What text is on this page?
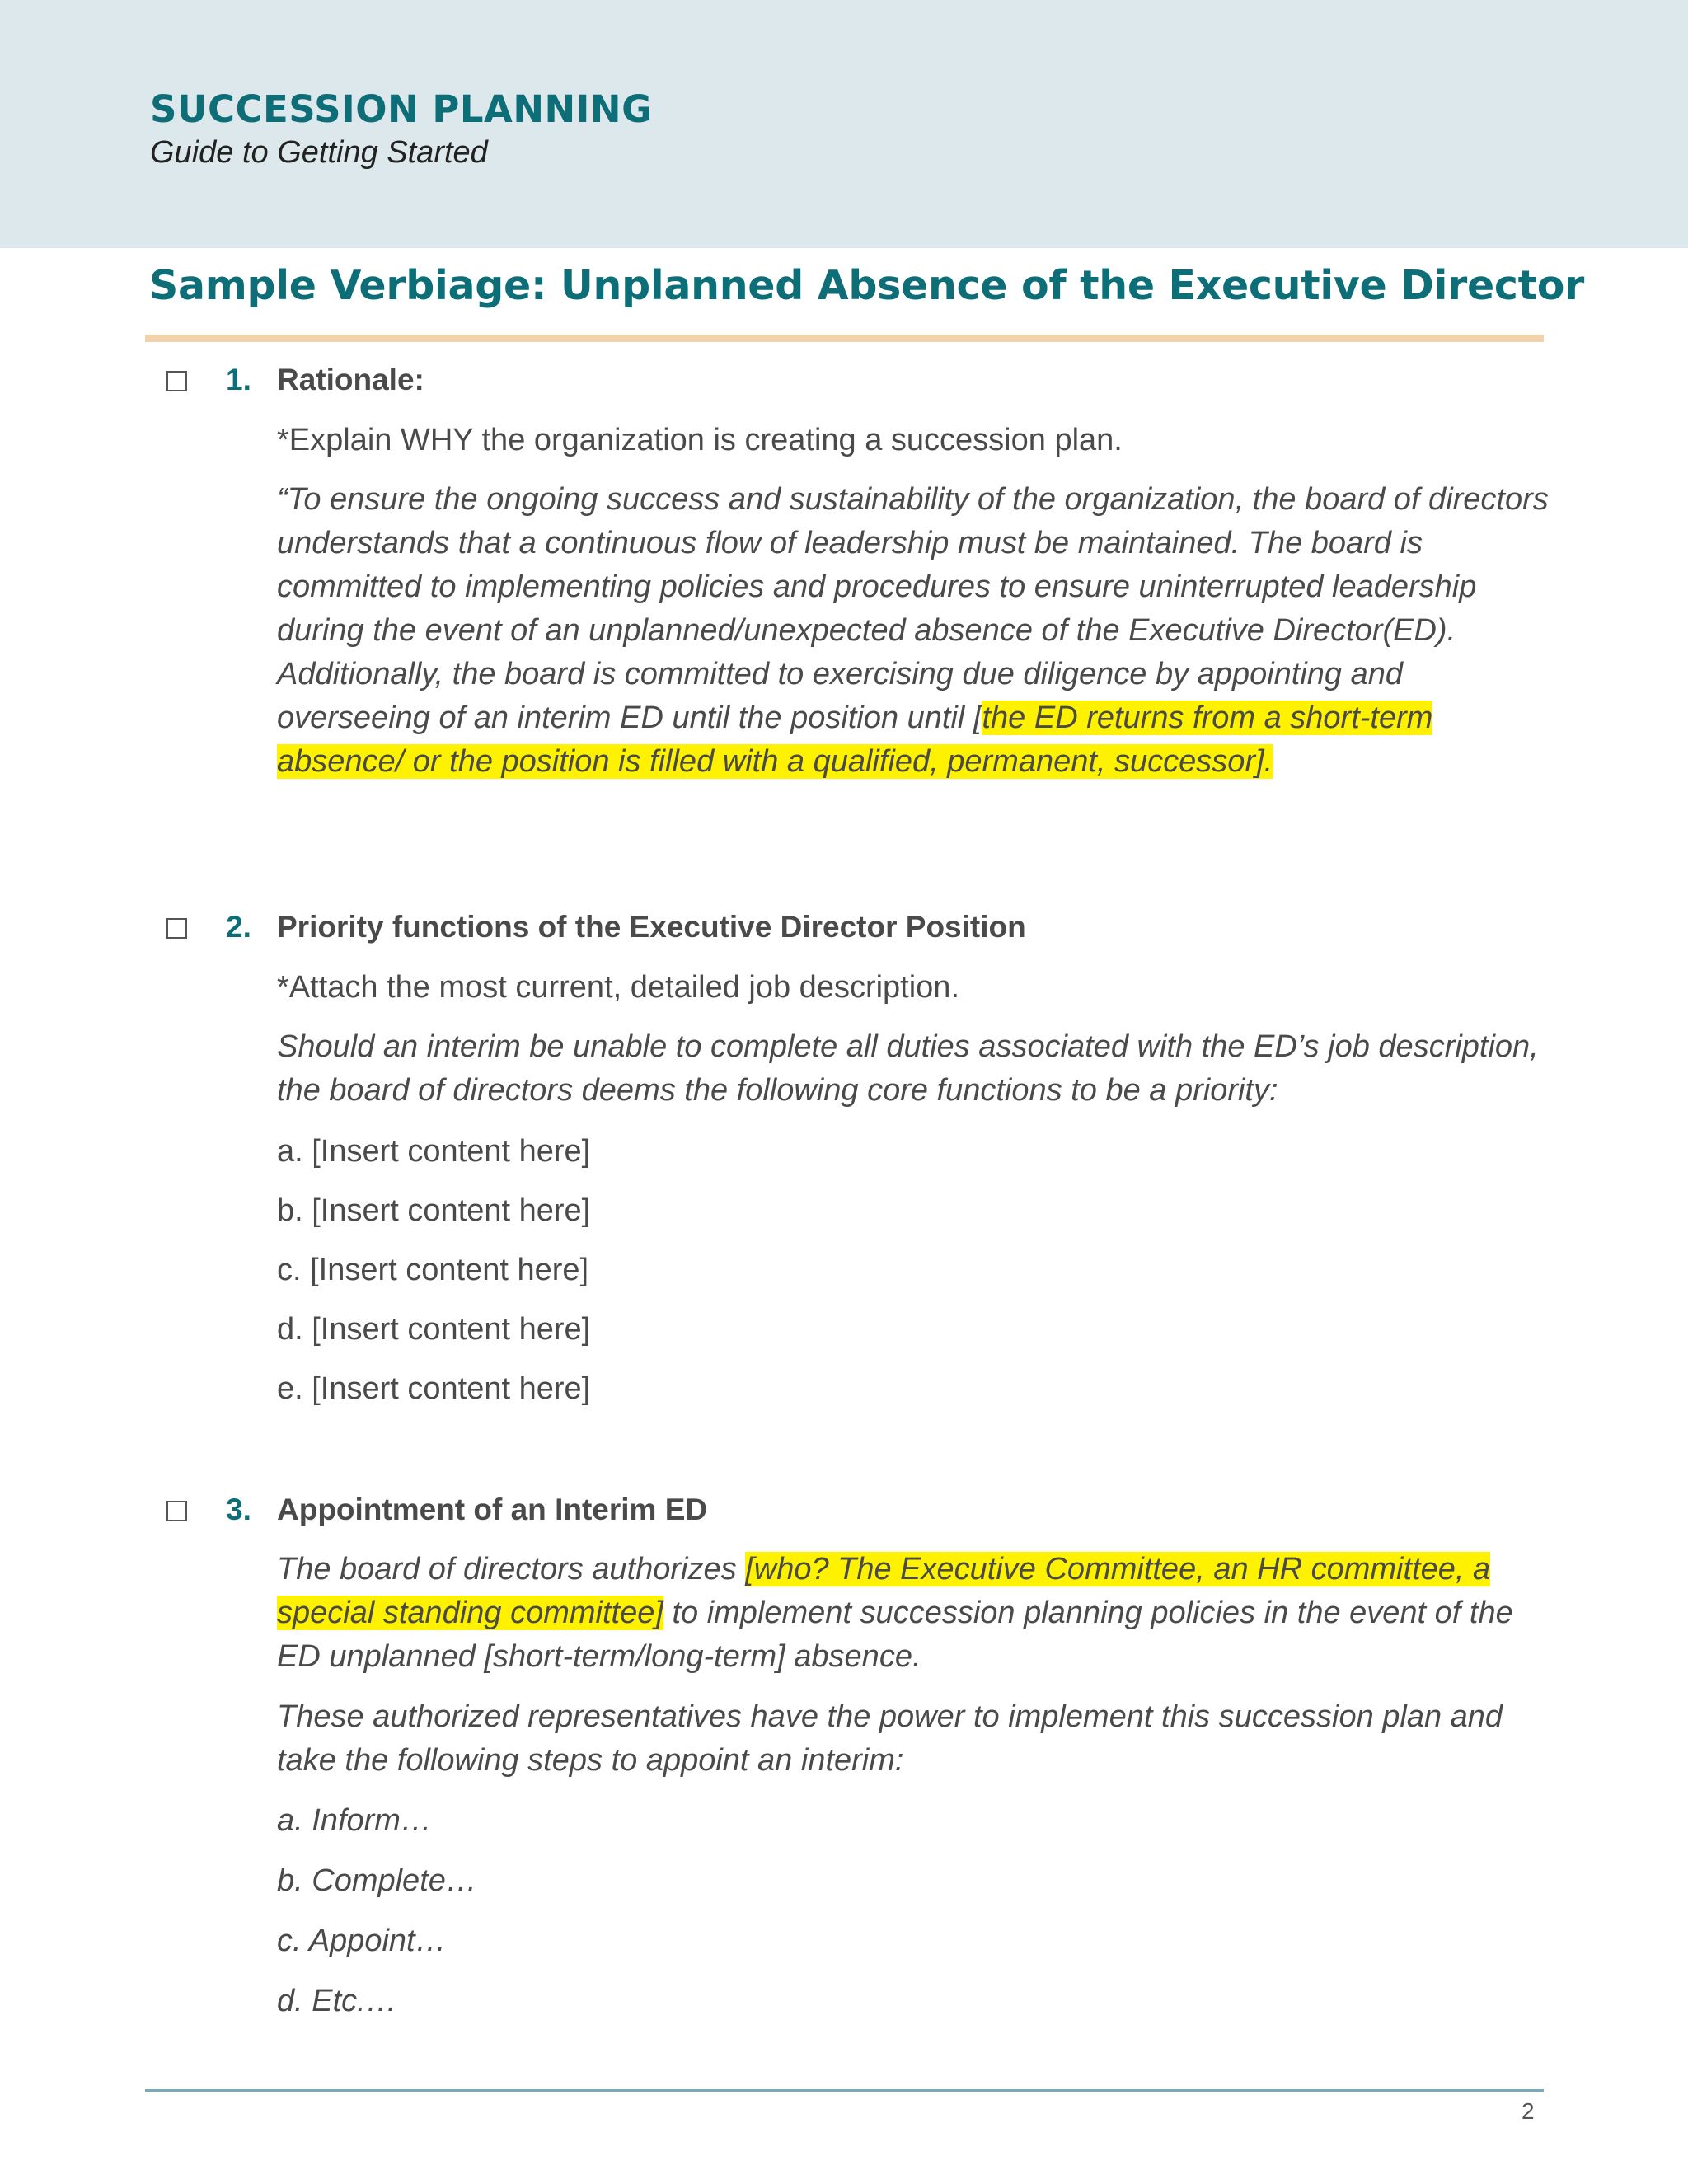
SUCCESSION PLANNING
Guide to Getting Started
Sample Verbiage: Unplanned Absence of the Executive Director
1. Rationale:
*Explain WHY the organization is creating a succession plan.

“To ensure the ongoing success and sustainability of the organization, the board of directors understands that a continuous flow of leadership must be maintained. The board is committed to implementing policies and procedures to ensure uninterrupted leadership during the event of an unplanned/unexpected absence of the Executive Director(ED). Additionally, the board is committed to exercising due diligence by appointing and overseeing of an interim ED until the position until [the ED returns from a short-term absence/ or the position is filled with a qualified, permanent, successor].

2. Priority functions of the Executive Director Position
*Attach the most current, detailed job description.

Should an interim be unable to complete all duties associated with the ED’s job description, the board of directors deems the following core functions to be a priority:

a. [Insert content here]
b. [Insert content here]
c. [Insert content here]
d. [Insert content here]
e. [Insert content here]
3. Appointment of an Interim ED

The board of directors authorizes [who? The Executive Committee, an HR committee, a special standing committee] to implement succession planning policies in the event of the ED unplanned [short-term/long-term] absence.

These authorized representatives have the power to implement this succession plan and take the following steps to appoint an interim:

a. Inform…
b. Complete…
c. Appoint…
d. Etc.…
2
